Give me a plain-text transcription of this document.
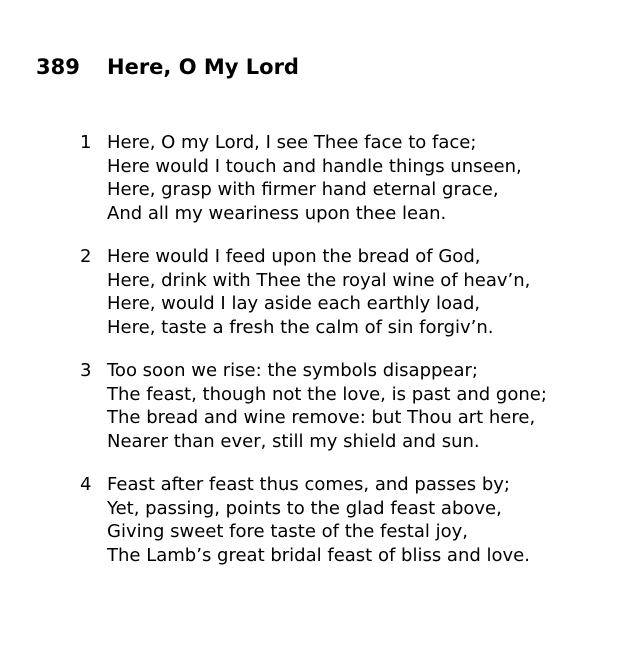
389 Here, O My Lord
1 Here, O my Lord, I see Thee face to face;
Here would I touch and handle things unseen,
Here, grasp with firmer hand eternal grace,
And all my weariness upon thee lean.
2 Here would I feed upon the bread of God,
Here, drink with Thee the royal wine of heav’n,
Here, would I lay aside each earthly load,
Here, taste a fresh the calm of sin forgiv’n.
3 Too soon we rise: the symbols disappear;
The feast, though not the love, is past and gone;
The bread and wine remove: but Thou art here,
Nearer than ever, still my shield and sun.
4 Feast after feast thus comes, and passes by;
Yet, passing, points to the glad feast above,
Giving sweet fore taste of the festal joy,
The Lamb’s great bridal feast of bliss and love.
